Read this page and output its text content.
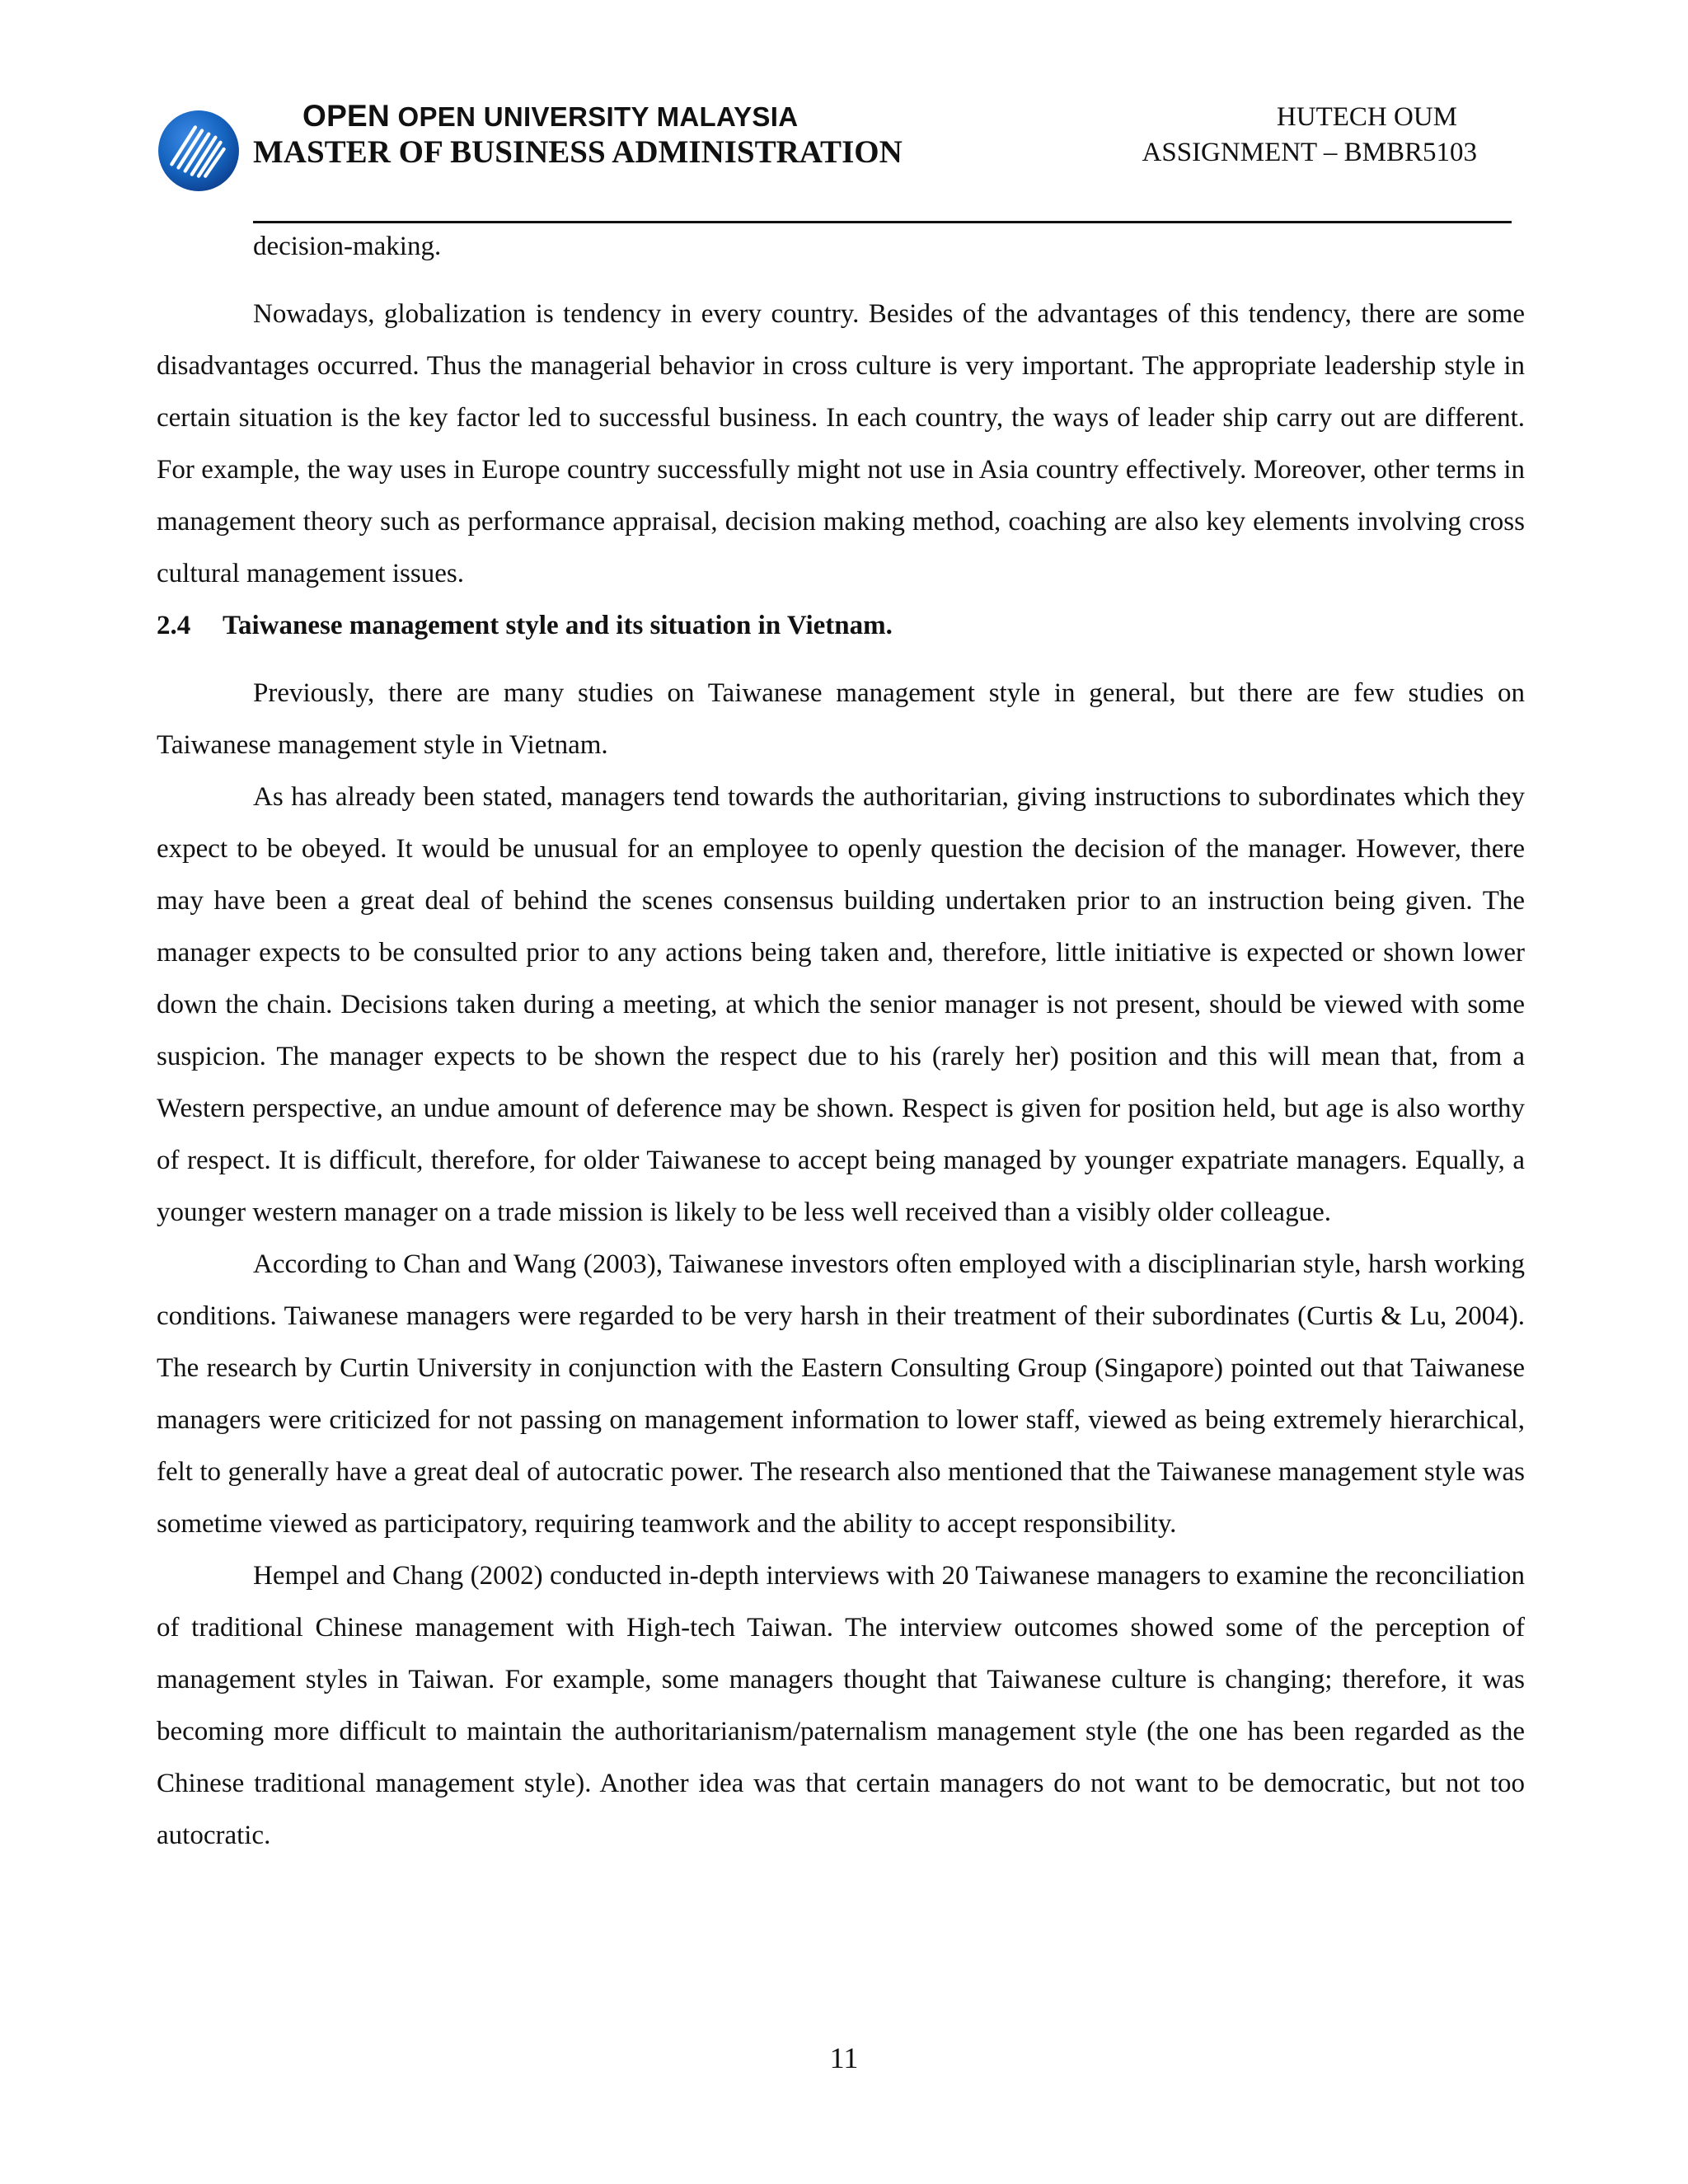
OPEN OPEN UNIVERSITY MALAYSIA
MASTER OF BUSINESS ADMINISTRATION
HUTECH OUM
ASSIGNMENT – BMBR5103

decision-making.

Nowadays, globalization is tendency in every country. Besides of the advantages of this tendency, there are some disadvantages occurred. Thus the managerial behavior in cross culture is very important. The appropriate leadership style in certain situation is the key factor led to successful business. In each country, the ways of leader ship carry out are different. For example, the way uses in Europe country successfully might not use in Asia country effectively. Moreover, other terms in management theory such as performance appraisal, decision making method, coaching are also key elements involving cross cultural management issues.

2.4 Taiwanese management style and its situation in Vietnam.

Previously, there are many studies on Taiwanese management style in general, but there are few studies on Taiwanese management style in Vietnam.

As has already been stated, managers tend towards the authoritarian, giving instructions to subordinates which they expect to be obeyed. It would be unusual for an employee to openly question the decision of the manager. However, there may have been a great deal of behind the scenes consensus building undertaken prior to an instruction being given. The manager expects to be consulted prior to any actions being taken and, therefore, little initiative is expected or shown lower down the chain. Decisions taken during a meeting, at which the senior manager is not present, should be viewed with some suspicion. The manager expects to be shown the respect due to his (rarely her) position and this will mean that, from a Western perspective, an undue amount of deference may be shown. Respect is given for position held, but age is also worthy of respect. It is difficult, therefore, for older Taiwanese to accept being managed by younger expatriate managers. Equally, a younger western manager on a trade mission is likely to be less well received than a visibly older colleague.

According to Chan and Wang (2003), Taiwanese investors often employed with a disciplinarian style, harsh working conditions. Taiwanese managers were regarded to be very harsh in their treatment of their subordinates (Curtis & Lu, 2004). The research by Curtin University in conjunction with the Eastern Consulting Group (Singapore) pointed out that Taiwanese managers were criticized for not passing on management information to lower staff, viewed as being extremely hierarchical, felt to generally have a great deal of autocratic power. The research also mentioned that the Taiwanese management style was sometime viewed as participatory, requiring teamwork and the ability to accept responsibility.

Hempel and Chang (2002) conducted in-depth interviews with 20 Taiwanese managers to examine the reconciliation of traditional Chinese management with High-tech Taiwan. The interview outcomes showed some of the perception of management styles in Taiwan. For example, some managers thought that Taiwanese culture is changing; therefore, it was becoming more difficult to maintain the authoritarianism/paternalism management style (the one has been regarded as the Chinese traditional management style). Another idea was that certain managers do not want to be democratic, but not too autocratic.

11
